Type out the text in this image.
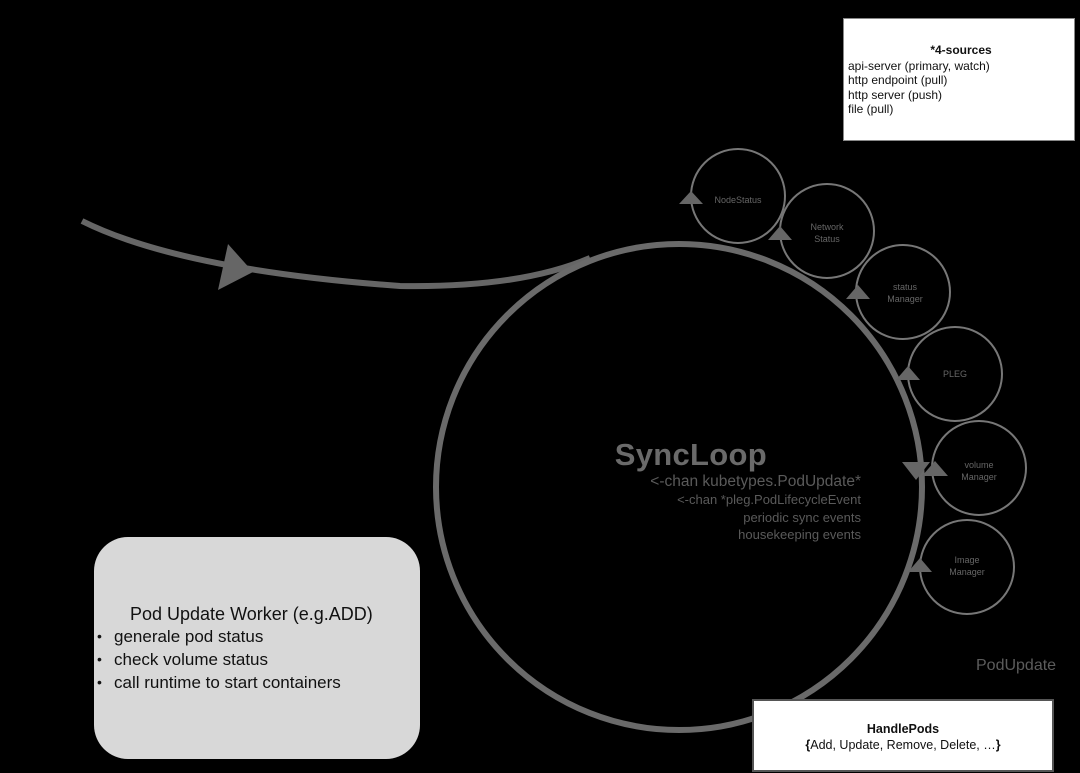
*4-sources
api-server (primary, watch)
http endpoint (pull)
http server (push)
file (pull)
NodeStatus
Network
Status
status
Manager
PLEG
volume
Manager
Image
Manager
SyncLoop
<-chan kubetypes.PodUpdate*
<-chan *pleg.PodLifecycleEvent
periodic sync events
housekeeping events
PodUpdate
Pod Update Worker (e.g.ADD)
• generale pod status
• check volume status
• call runtime to start containers
HandlePods
{Add, Update, Remove, Delete, …}
